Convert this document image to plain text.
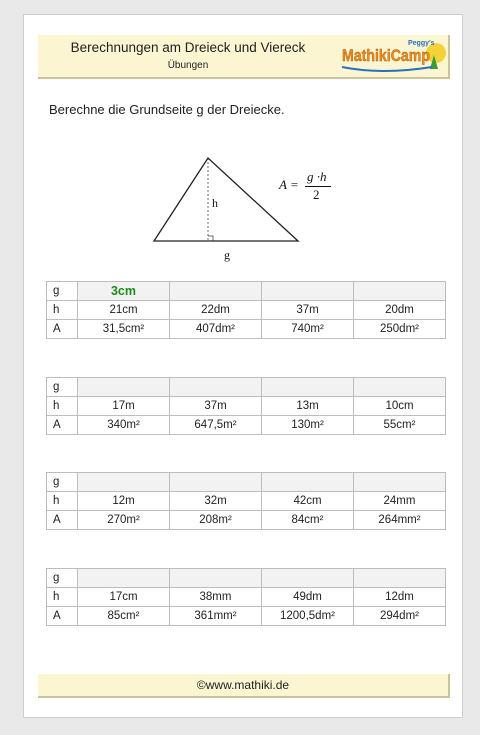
Berechnungen am Dreieck und Viereck
Übungen
Peggy's
MathikiCamp
Berechne die Grundseite g der Dreiecke.
h
g
A =
g ·h
2
g	3cm			
h	21cm	22dm	37m	20dm
A	31,5cm²	407dm²	740m²	250dm²
g				
h	17m	37m	13m	10cm
A	340m²	647,5m²	130m²	55cm²
g				
h	12m	32m	42cm	24mm
A	270m²	208m²	84cm²	264mm²
g				
h	17cm	38mm	49dm	12dm
A	85cm²	361mm²	1200,5dm²	294dm²
©www.mathiki.de
